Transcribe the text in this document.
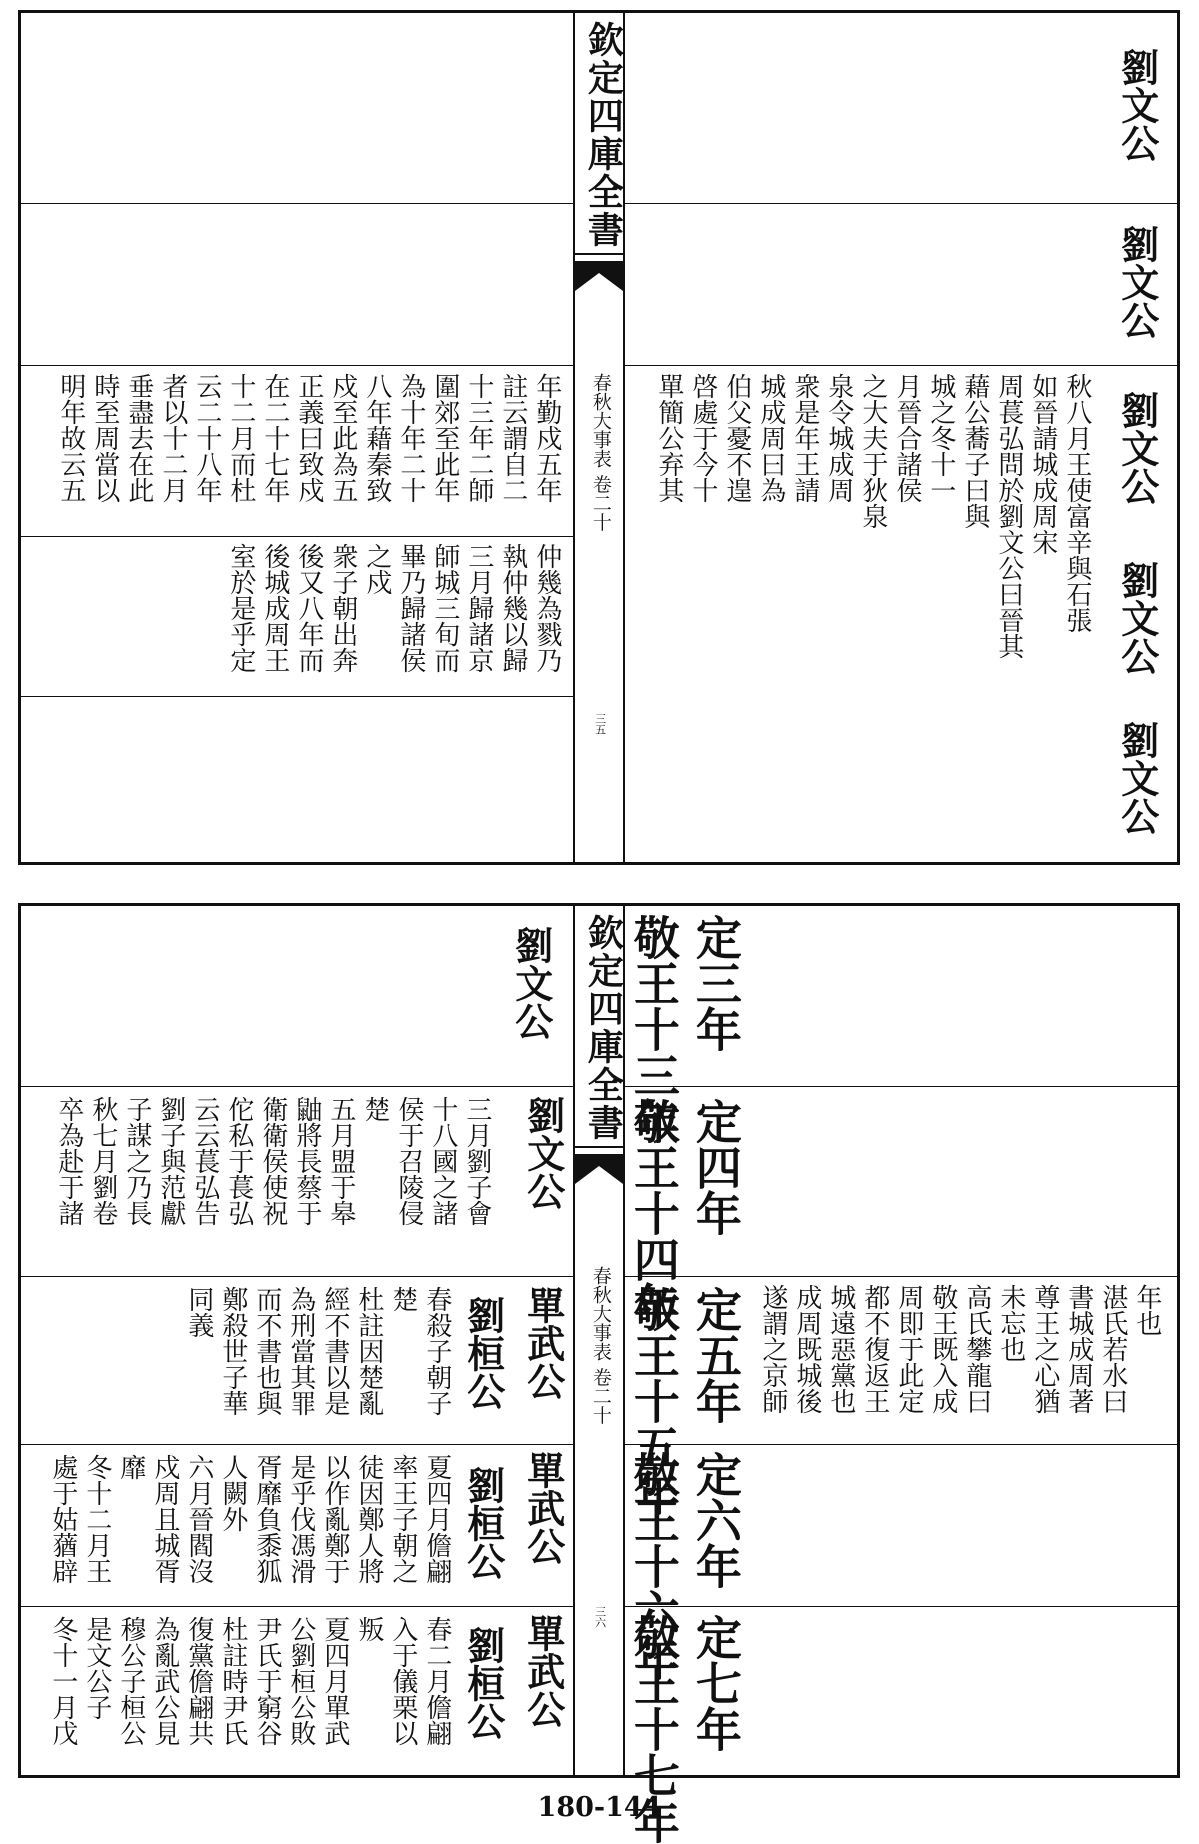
欽定四庫全書
春秋大事表 卷二十
三五
劉文公
劉文公
劉文公
劉文公
劉文公
秋八月王使富辛與石張
如晉請城成周宋
周萇弘問於劉文公曰晉其
藉公蕎子曰與
城之冬十一
月晉合諸侯
之大夫于狄泉
泉令城成周
衆是年王請
城成周曰為
伯父憂不遑
啓處于今十
單簡公弃其
年勤戍五年
註云謂自二
十三年二師
圍郊至此年
為十年二十
八年藉秦致
戍至此為五
正義曰致戍
在二十七年
十二月而杜
云二十八年
者以十二月
垂盡去在此
時至周當以
明年故云五
仲幾為戮乃
執仲幾以歸
三月歸諸京
師城三旬而
畢乃歸諸侯
之戍
衆子朝出奔
後又八年而
後城成周王
室於是乎定
欽定四庫全書
春秋大事表 卷二十
三六
定三年
敬王十三年
定四年
敬王十四年
定五年
敬王十五年
定六年
敬王十六年
定七年
敬王十七年
年也
湛氏若水曰
書城成周著
尊王之心猶
未忘也
高氏攀龍曰
敬王既入成
周即于此定
都不復返王
城遠惡黨也
成周既城後
遂謂之京師
劉文公
劉文公
單武公
劉桓公
單武公
劉桓公
單武公
劉桓公
三月劉子會
十八國之諸
侯于召陵侵
楚
五月盟于皋
鼬將長蔡于
衛衛侯使祝
佗私于萇弘
云云萇弘告
劉子與范獻
子謀之乃長
秋七月劉卷
卒為赴于諸
春殺子朝子
楚
杜註因楚亂
經不書以是
為刑當其罪
而不書也與
鄭殺世子華
同義
夏四月儋翩
率王子朝之
徒因鄭人將
以作亂鄭于
是乎伐馮滑
胥靡負黍狐
人闕外
六月晉閻沒
戍周且城胥
靡
冬十二月王
處于姑蕕辟
春二月儋翩
入于儀栗以
叛
夏四月單武
公劉桓公敗
尹氏于窮谷
杜註時尹氏
復黨儋翩共
為亂武公見
穆公子桓公
是文公子
冬十一月戊
180-144
